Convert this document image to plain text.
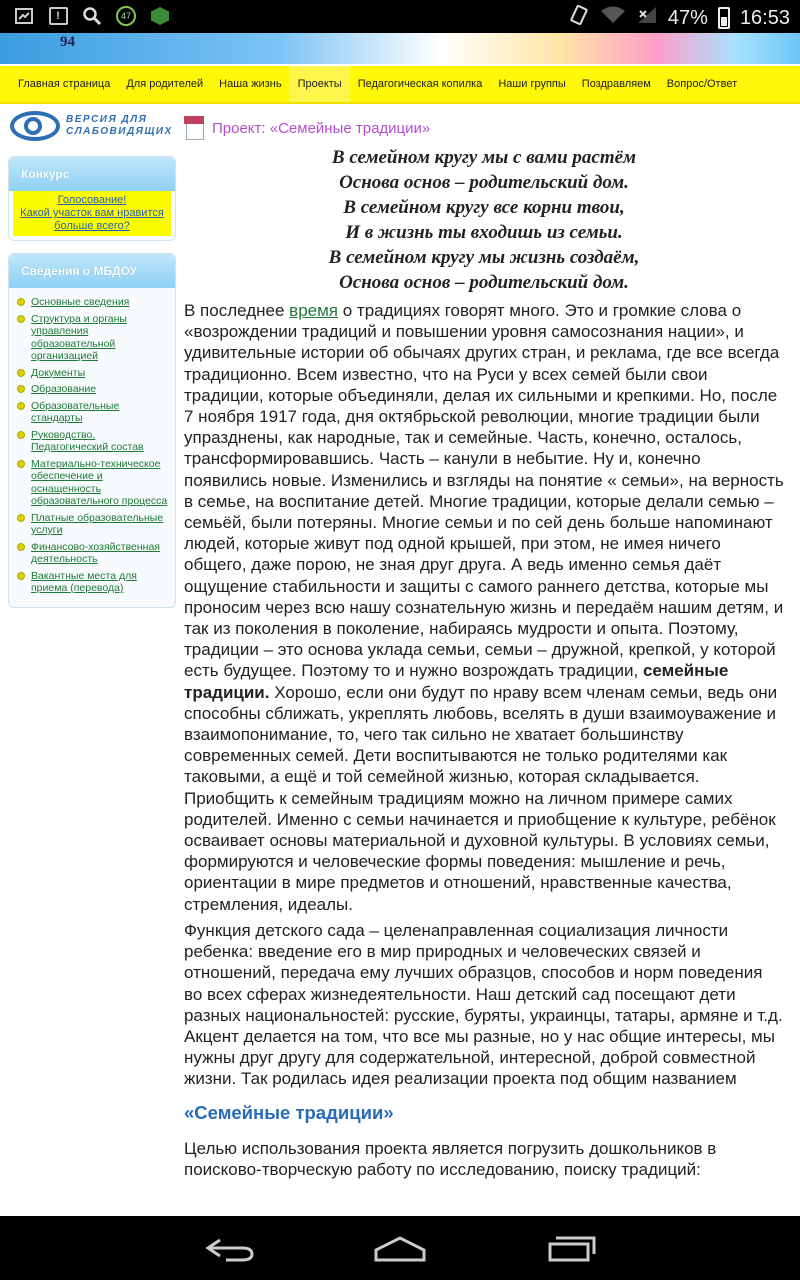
!	47	47% 16:53
94
Главная страница	Для родителей	Наша жизнь	Проекты	Педагогическая копилка	Наши группы	Поздравляем	Вопрос/Ответ
ВЕРСИЯ ДЛЯ
СЛАБОВИДЯЩИХ
Конкурс
Голосование!
Какой участок вам нравится больше всего?
Сведения о МБДОУ
Основные сведения
Структура и органы управления образовательной организацией
Документы
Образование
Образовательные стандарты
Руководство. Педагогический состав
Материально-техническое обеспечение и оснащенность образовательного процесса
Платные образовательные услуги
Финансово-хозяйственная деятельность
Вакантные места для приема (перевода)
Проект: «Семейные традиции»
В семейном кругу мы с вами растём
Основа основ – родительский дом.
В семейном кругу все корни твои,
И в жизнь ты входишь из семьи.
В семейном кругу мы жизнь создаём,
Основа основ – родительский дом.

В последнее время о традициях говорят много. Это и громкие слова о «возрождении традиций и повышении уровня самосознания нации», и удивительные истории об обычаях других стран, и реклама, где все всегда традиционно. Всем известно, что на Руси у всех семей были свои традиции, которые объединяли, делая их сильными и крепкими. Но, после 7 ноября 1917 года, дня октябрьской революции, многие традиции были упразднены, как народные, так и семейные. Часть, конечно, осталось, трансформировавшись. Часть – канули в небытие. Ну и, конечно появились новые. Изменились и взгляды на понятие « семьи», на верность в семье, на воспитание детей. Многие традиции, которые делали семью – семьёй, были потеряны. Многие семьи и по сей день больше напоминают людей, которые живут под одной крышей, при этом, не имея ничего общего, даже порою, не зная друг друга. А ведь именно семья даёт ощущение стабильности и защиты с самого раннего детства, которые мы проносим через всю нашу сознательную жизнь и передаём нашим детям, и так из поколения в поколение, набираясь мудрости и опыта. Поэтому, традиции – это основа уклада семьи, семьи – дружной, крепкой, у которой есть будущее. Поэтому то и нужно возрождать традиции, семейные традиции. Хорошо, если они будут по нраву всем членам семьи, ведь они способны сближать, укреплять любовь, вселять в души взаимоуважение и взаимопонимание, то, чего так сильно не хватает большинству современных семей. Дети воспитываются не только родителями как таковыми, а ещё и той семейной жизнью, которая складывается. Приобщить к семейным традициям можно на личном примере самих родителей. Именно с семьи начинается и приобщение к культуре, ребёнок осваивает основы материальной и духовной культуры. В условиях семьи, формируются и человеческие формы поведения: мышление и речь, ориентации в мире предметов и отношений, нравственные качества, стремления, идеалы.

Функция детского сада – целенаправленная социализация личности ребенка: введение его в мир природных и человеческих связей и отношений, передача ему лучших образцов, способов и норм поведения во всех сферах жизнедеятельности. Наш детский сад посещают дети разных национальностей: русские, буряты, украинцы, татары, армяне и т.д. Акцент делается на том, что все мы разные, но у нас общие интересы, мы нужны друг другу для содержательной, интересной, доброй совместной жизни. Так родилась идея реализации проекта под общим названием

«Семейные традиции»

Целью использования проекта является погрузить дошкольников в поисково-творческую работу по исследованию, поиску традиций:
